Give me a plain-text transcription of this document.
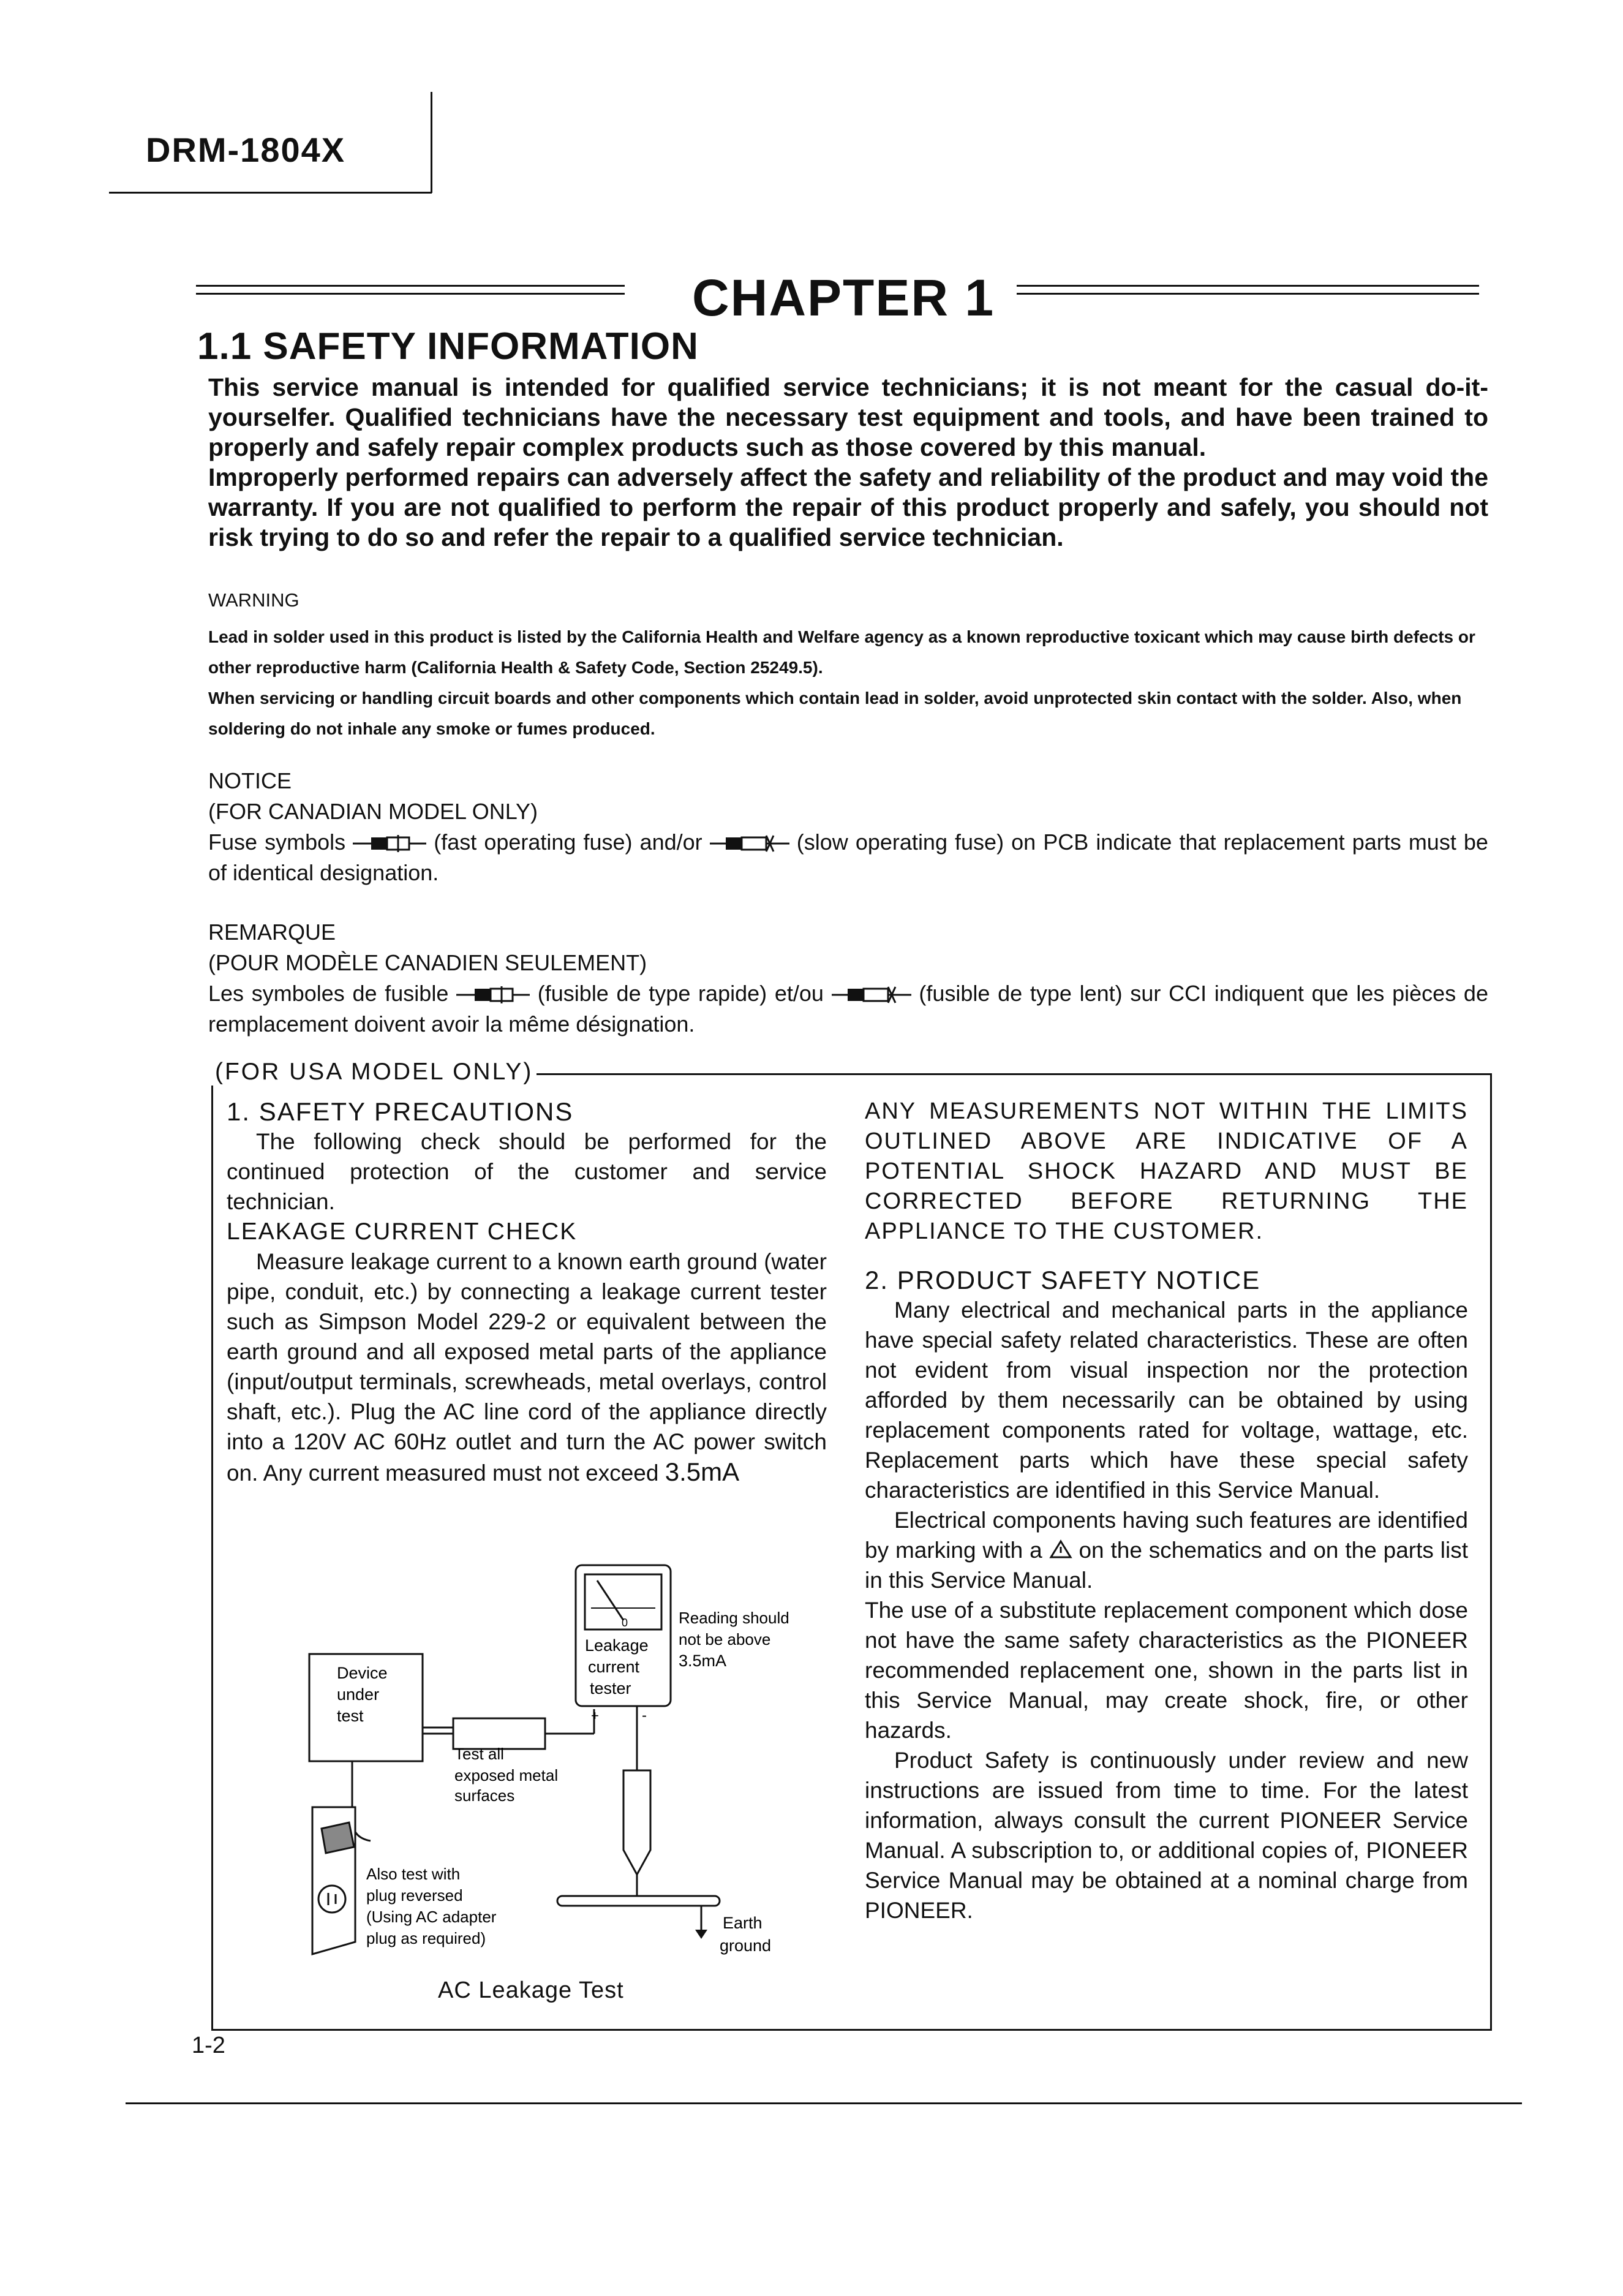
DRM-1804X
CHAPTER 1
1.1 SAFETY INFORMATION

This service manual is intended for qualified service technicians; it is not meant for the casual do-it-yourselfer. Qualified technicians have the necessary test equipment and tools, and have been trained to properly and safely repair complex products such as those covered by this manual.

Improperly performed repairs can adversely affect the safety and reliability of the product and may void the warranty. If you are not qualified to perform the repair of this product properly and safely, you should not risk trying to do so and refer the repair to a qualified service technician.

WARNING

Lead in solder used in this product is listed by the California Health and Welfare agency as a known reproductive toxicant which may cause birth defects or other reproductive harm (California Health & Safety Code, Section 25249.5).

When servicing or handling circuit boards and other components which contain lead in solder, avoid unprotected skin contact with the solder. Also, when soldering do not inhale any smoke or fumes produced.

NOTICE

(FOR CANADIAN MODEL ONLY)

Fuse symbols	(fast operating fuse) and/or	(slow operating fuse) on PCB indicate that replacement parts must be of identical designation.

REMARQUE

(POUR MODÈLE CANADIEN SEULEMENT)

Les symboles de fusible	(fusible de type rapide) et/ou	(fusible de type lent) sur CCI indiquent que les pièces de remplacement doivent avoir la même désignation.

(FOR USA MODEL ONLY)

1. SAFETY PRECAUTIONS

The following check should be performed for the continued protection of the customer and service technician.

LEAKAGE CURRENT CHECK

Measure leakage current to a known earth ground (water pipe, conduit, etc.) by connecting a leakage current tester such as Simpson Model 229-2 or equivalent between the earth ground and all exposed metal parts of the appliance (input/output terminals, screwheads, metal overlays, control shaft, etc.). Plug the AC line cord of the appliance directly into a 120V AC 60Hz outlet and turn the AC power switch on. Any current measured must not exceed 3.5mA

ANY MEASUREMENTS NOT WITHIN THE LIMITS OUTLINED ABOVE ARE INDICATIVE OF A POTENTIAL SHOCK HAZARD AND MUST BE CORRECTED BEFORE RETURNING THE APPLIANCE TO THE CUSTOMER.

2. PRODUCT SAFETY NOTICE

Many electrical and mechanical parts in the appliance have special safety related characteristics. These are often not evident from visual inspection nor the protection afforded by them necessarily can be obtained by using replacement components rated for voltage, wattage, etc. Replacement parts which have these special safety characteristics are identified in this Service Manual.

Electrical components having such features are identified by marking with a on the schematics and on the parts list in this Service Manual.

The use of a substitute replacement component which dose not have the same safety characteristics as the PIONEER recommended replacement one, shown in the parts list in this Service Manual, may create shock, fire, or other hazards.

Product Safety is continuously under review and new instructions are issued from time to time. For the latest information, always consult the current PIONEER Service Manual. A subscription to, or additional copies of, PIONEER Service Manual may be obtained at a nominal charge from PIONEER.

Device
under
test
0
Leakage
current
tester
+	-
Reading should
not be above
3.5mA
Test all
exposed metal
surfaces
Earth
ground
Also test with
plug reversed
(Using AC adapter
plug as required)
AC Leakage Test
1-2
